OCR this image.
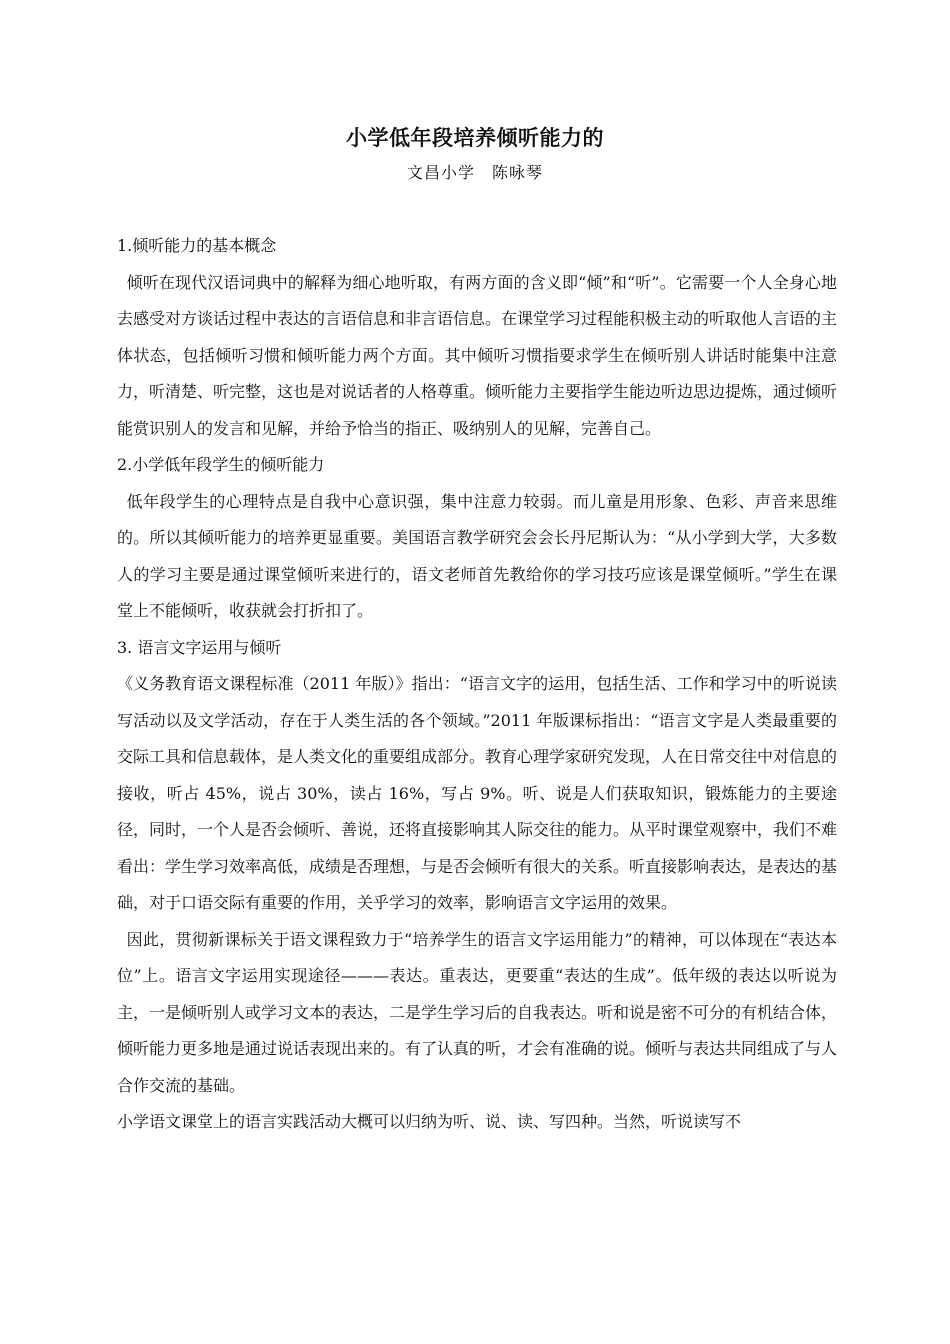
小学低年段培养倾听能力的
文昌小学　陈咏琴

1.倾听能力的基本概念

倾听在现代汉语词典中的解释为细心地听取，有两方面的含义即“倾”和“听”。它需要一个人全身心地去感受对方谈话过程中表达的言语信息和非言语信息。在课堂学习过程能积极主动的听取他人言语的主体状态，包括倾听习惯和倾听能力两个方面。其中倾听习惯指要求学生在倾听别人讲话时能集中注意力，听清楚、听完整，这也是对说话者的人格尊重。倾听能力主要指学生能边听边思边提炼，通过倾听能赏识别人的发言和见解，并给予恰当的指正、吸纳别人的见解，完善自己。

2.小学低年段学生的倾听能力

低年段学生的心理特点是自我中心意识强，集中注意力较弱。而儿童是用形象、色彩、声音来思维的。所以其倾听能力的培养更显重要。美国语言教学研究会会长丹尼斯认为：“从小学到大学，大多数人的学习主要是通过课堂倾听来进行的，语文老师首先教给你的学习技巧应该是课堂倾听。”学生在课堂上不能倾听，收获就会打折扣了。

3. 语言文字运用与倾听

《义务教育语文课程标准（2011 年版）》指出：“语言文字的运用，包括生活、工作和学习中的听说读写活动以及文学活动，存在于人类生活的各个领域。”2011 年版课标指出：“语言文字是人类最重要的交际工具和信息载体，是人类文化的重要组成部分。教育心理学家研究发现，人在日常交往中对信息的接收，听占 45%，说占 30%，读占 16%，写占 9%。听、说是人们获取知识，锻炼能力的主要途径，同时，一个人是否会倾听、善说，还将直接影响其人际交往的能力。从平时课堂观察中，我们不难看出：学生学习效率高低，成绩是否理想，与是否会倾听有很大的关系。听直接影响表达，是表达的基础，对于口语交际有重要的作用，关乎学习的效率，影响语言文字运用的效果。

因此，贯彻新课标关于语文课程致力于“培养学生的语言文字运用能力”的精神，可以体现在“表达本位”上。语言文字运用实现途径———表达。重表达，更要重“表达的生成”。低年级的表达以听说为主，一是倾听别人或学习文本的表达，二是学生学习后的自我表达。听和说是密不可分的有机结合体，倾听能力更多地是通过说话表现出来的。有了认真的听，才会有准确的说。倾听与表达共同组成了与人合作交流的基础。

小学语文课堂上的语言实践活动大概可以归纳为听、说、读、写四种。当然，听说读写不
